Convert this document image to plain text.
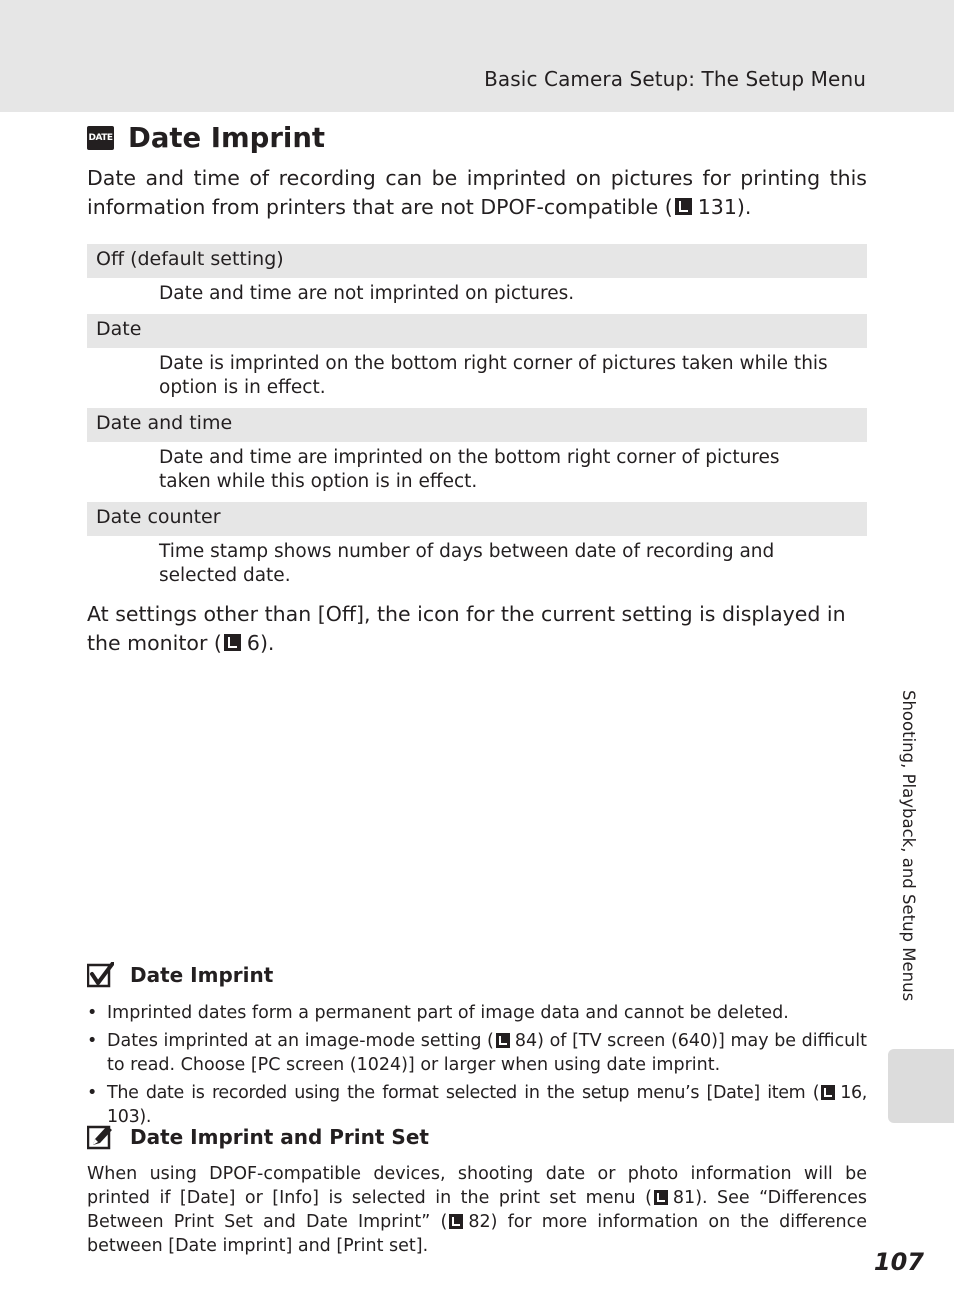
Basic Camera Setup: The Setup Menu
DATE Date Imprint
Date and time of recording can be imprinted on pictures for printing this information from printers that are not DPOF-compatible ( 131).
Off (default setting)
Date and time are not imprinted on pictures.
Date
Date is imprinted on the bottom right corner of pictures taken while this option is in effect.
Date and time
Date and time are imprinted on the bottom right corner of pictures taken while this option is in effect.
Date counter
Time stamp shows number of days between date of recording and selected date.
At settings other than [Off], the icon for the current setting is displayed in the monitor ( 6).
Date Imprint
• Imprinted dates form a permanent part of image data and cannot be deleted.
• Dates imprinted at an image-mode setting ( 84) of [TV screen (640)] may be difficult to read. Choose [PC screen (1024)] or larger when using date imprint.
• The date is recorded using the format selected in the setup menu’s [Date] item ( 16, 103).
Date Imprint and Print Set
When using DPOF-compatible devices, shooting date or photo information will be printed if [Date] or [Info] is selected in the print set menu ( 81). See “Differences Between Print Set and Date Imprint” ( 82) for more information on the difference between [Date imprint] and [Print set].
Shooting, Playback, and Setup Menus
107
